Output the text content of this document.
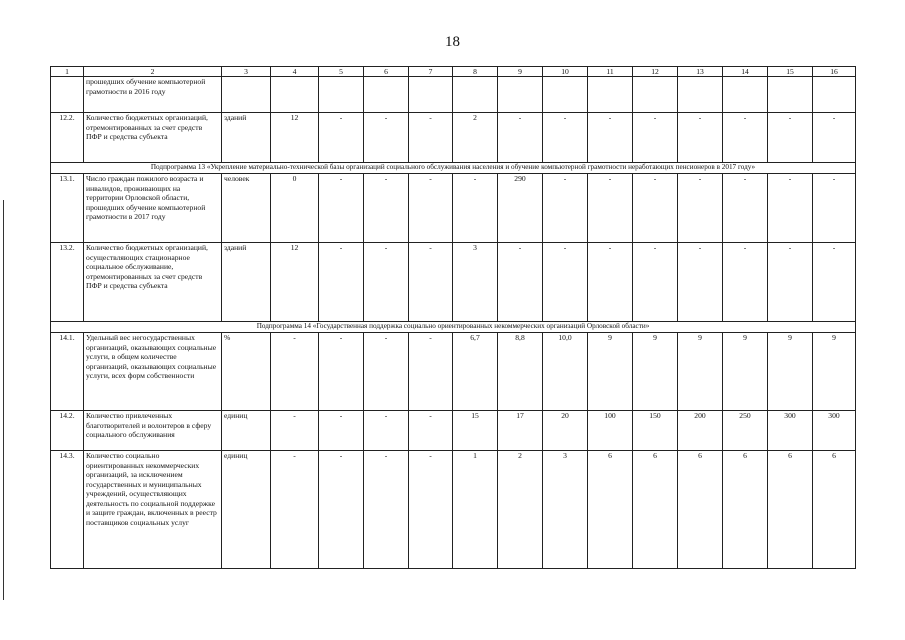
18
1	2	3	4	5	6	7	8	9	10	11	12	13	14	15	16
	прошедших обучение компьютерной грамотности в 2016 году														
12.2.	Количество бюджетных организаций, отремонтированных за счет средств ПФР и средства субъекта	зданий	12	-	-	-	2	-	-	-	-	-	-	-	-
Подпрограмма 13 «Укрепление материально-технической базы организаций социального обслуживания населения и обучение компьютерной грамотности неработающих пенсионеров в 2017 году»															
13.1.	Число граждан пожилого возраста и инвалидов, проживающих на территории Орловской области, прошедших обучение компьютерной грамотности в 2017 году	человек	0	-	-	-	-	290	-	-	-	-	-	-	-
13.2.	Количество бюджетных организаций, осуществляющих стационарное социальное обслуживание, отремонтированных за счет средств ПФР и средства субъекта	зданий	12	-	-	-	3	-	-	-	-	-	-	-	-
Подпрограмма 14 «Государственная поддержка социально ориентированных некоммерческих организаций Орловской области»															
14.1.	Удельный вес негосударственных организаций, оказывающих социальные услуги, в общем количестве организаций, оказывающих социальные услуги, всех форм собственности	%	-	-	-	-	6,7	8,8	10,0	9	9	9	9	9	9
14.2.	Количество привлеченных благотворителей и волонтеров в сферу социального обслуживания	единиц	-	-	-	-	15	17	20	100	150	200	250	300	300
14.3.	Количество социально ориентированных некоммерческих организаций, за исключением государственных и муниципальных учреждений, осуществляющих деятельность по социальной поддержке и защите граждан, включенных в реестр поставщиков социальных услуг	единиц	-	-	-	-	1	2	3	6	6	6	6	6	6
